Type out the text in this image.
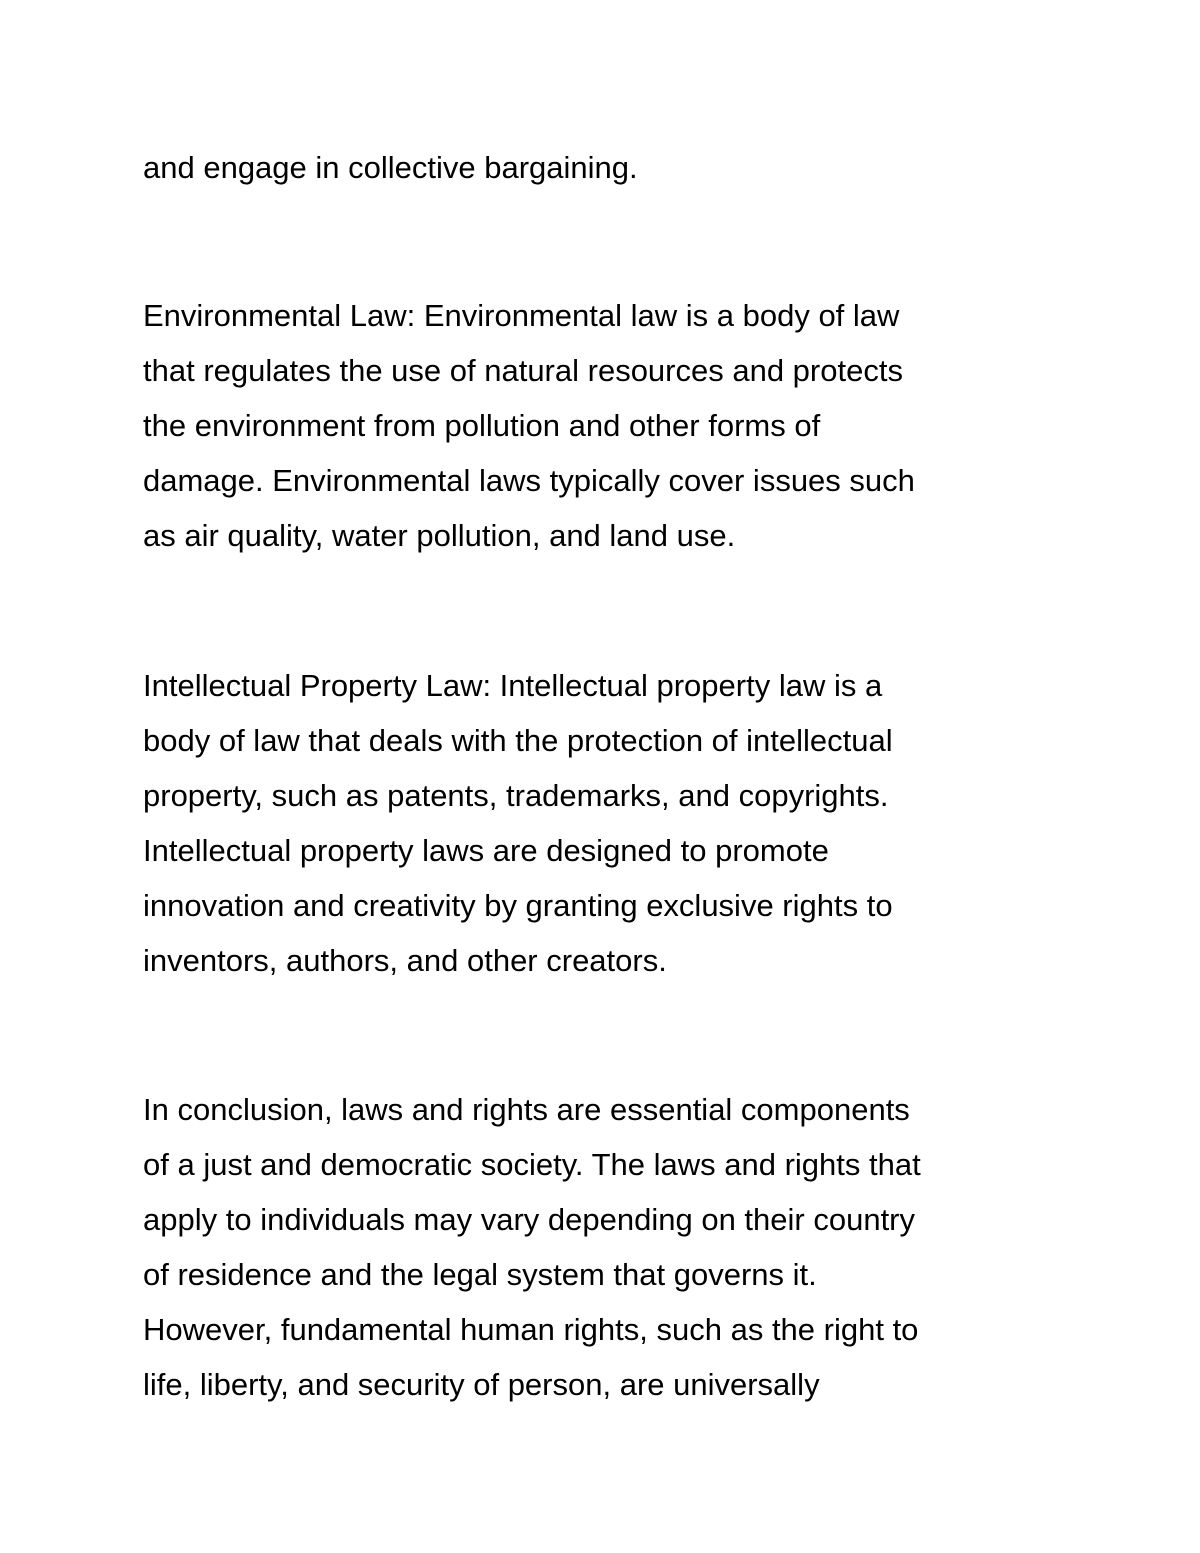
and engage in collective bargaining.

Environmental Law: Environmental law is a body of law

that regulates the use of natural resources and protects

the environment from pollution and other forms of

damage. Environmental laws typically cover issues such

as air quality, water pollution, and land use.

Intellectual Property Law: Intellectual property law is a

body of law that deals with the protection of intellectual

property, such as patents, trademarks, and copyrights.

Intellectual property laws are designed to promote

innovation and creativity by granting exclusive rights to

inventors, authors, and other creators.

In conclusion, laws and rights are essential components

of a just and democratic society. The laws and rights that

apply to individuals may vary depending on their country

of residence and the legal system that governs it.

However, fundamental human rights, such as the right to

life, liberty, and security of person, are universally
